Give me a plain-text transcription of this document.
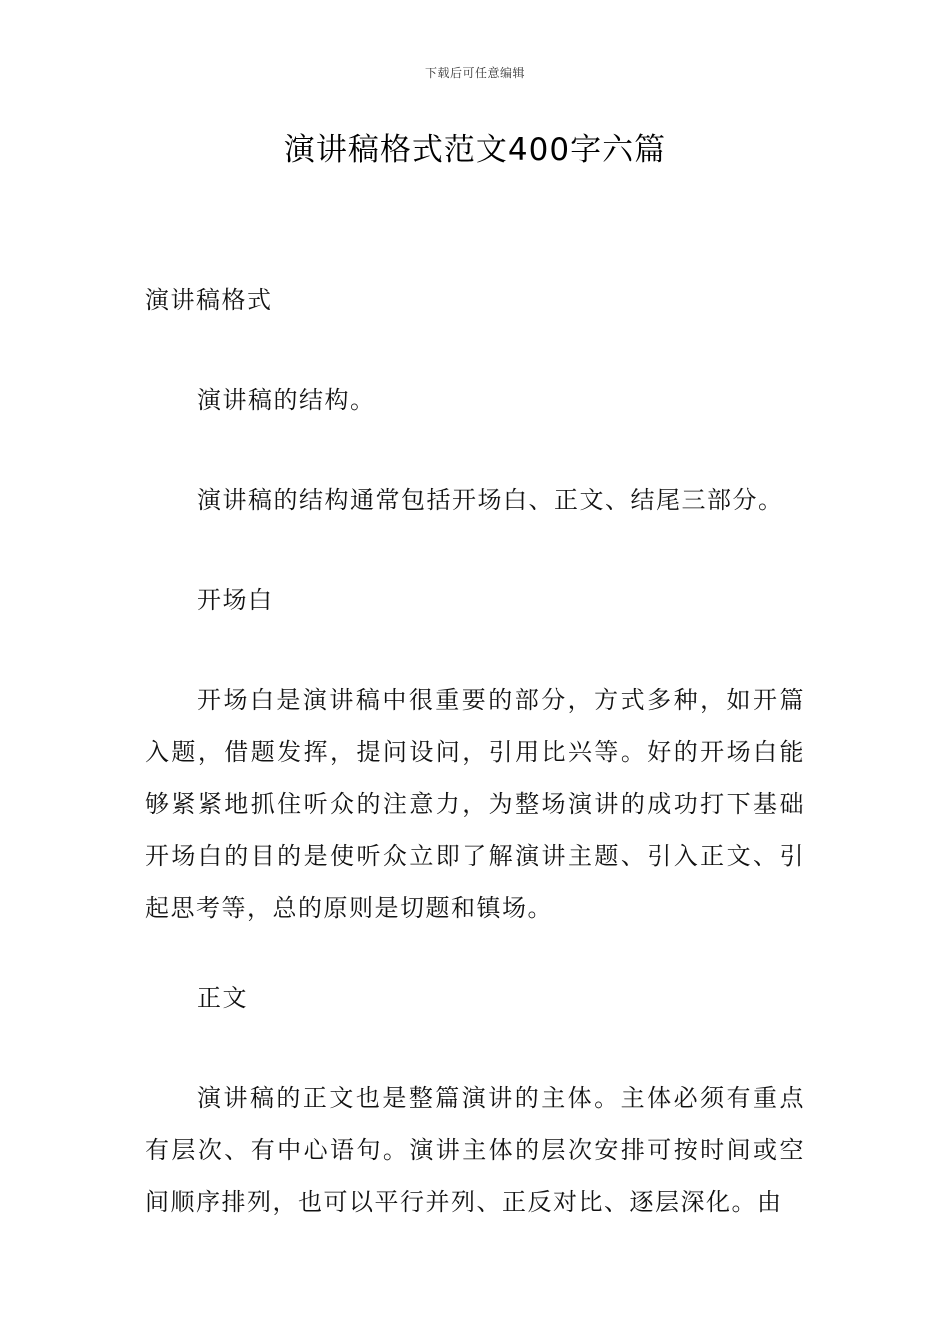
下载后可任意编辑
演讲稿格式范文400字六篇

演讲稿格式

演讲稿的结构。

演讲稿的结构通常包括开场白、正文、结尾三部分。

开场白

开场白是演讲稿中很重要的部分，方式多种，如开篇入题，借题发挥，提问设问，引用比兴等。好的开场白能够紧紧地抓住听众的注意力，为整场演讲的成功打下基础开场白的目的是使听众立即了解演讲主题、引入正文、引起思考等，总的原则是切题和镇场。

正文

演讲稿的正文也是整篇演讲的主体。主体必须有重点有层次、有中心语句。演讲主体的层次安排可按时间或空间顺序排列，也可以平行并列、正反对比、逐层深化。由
